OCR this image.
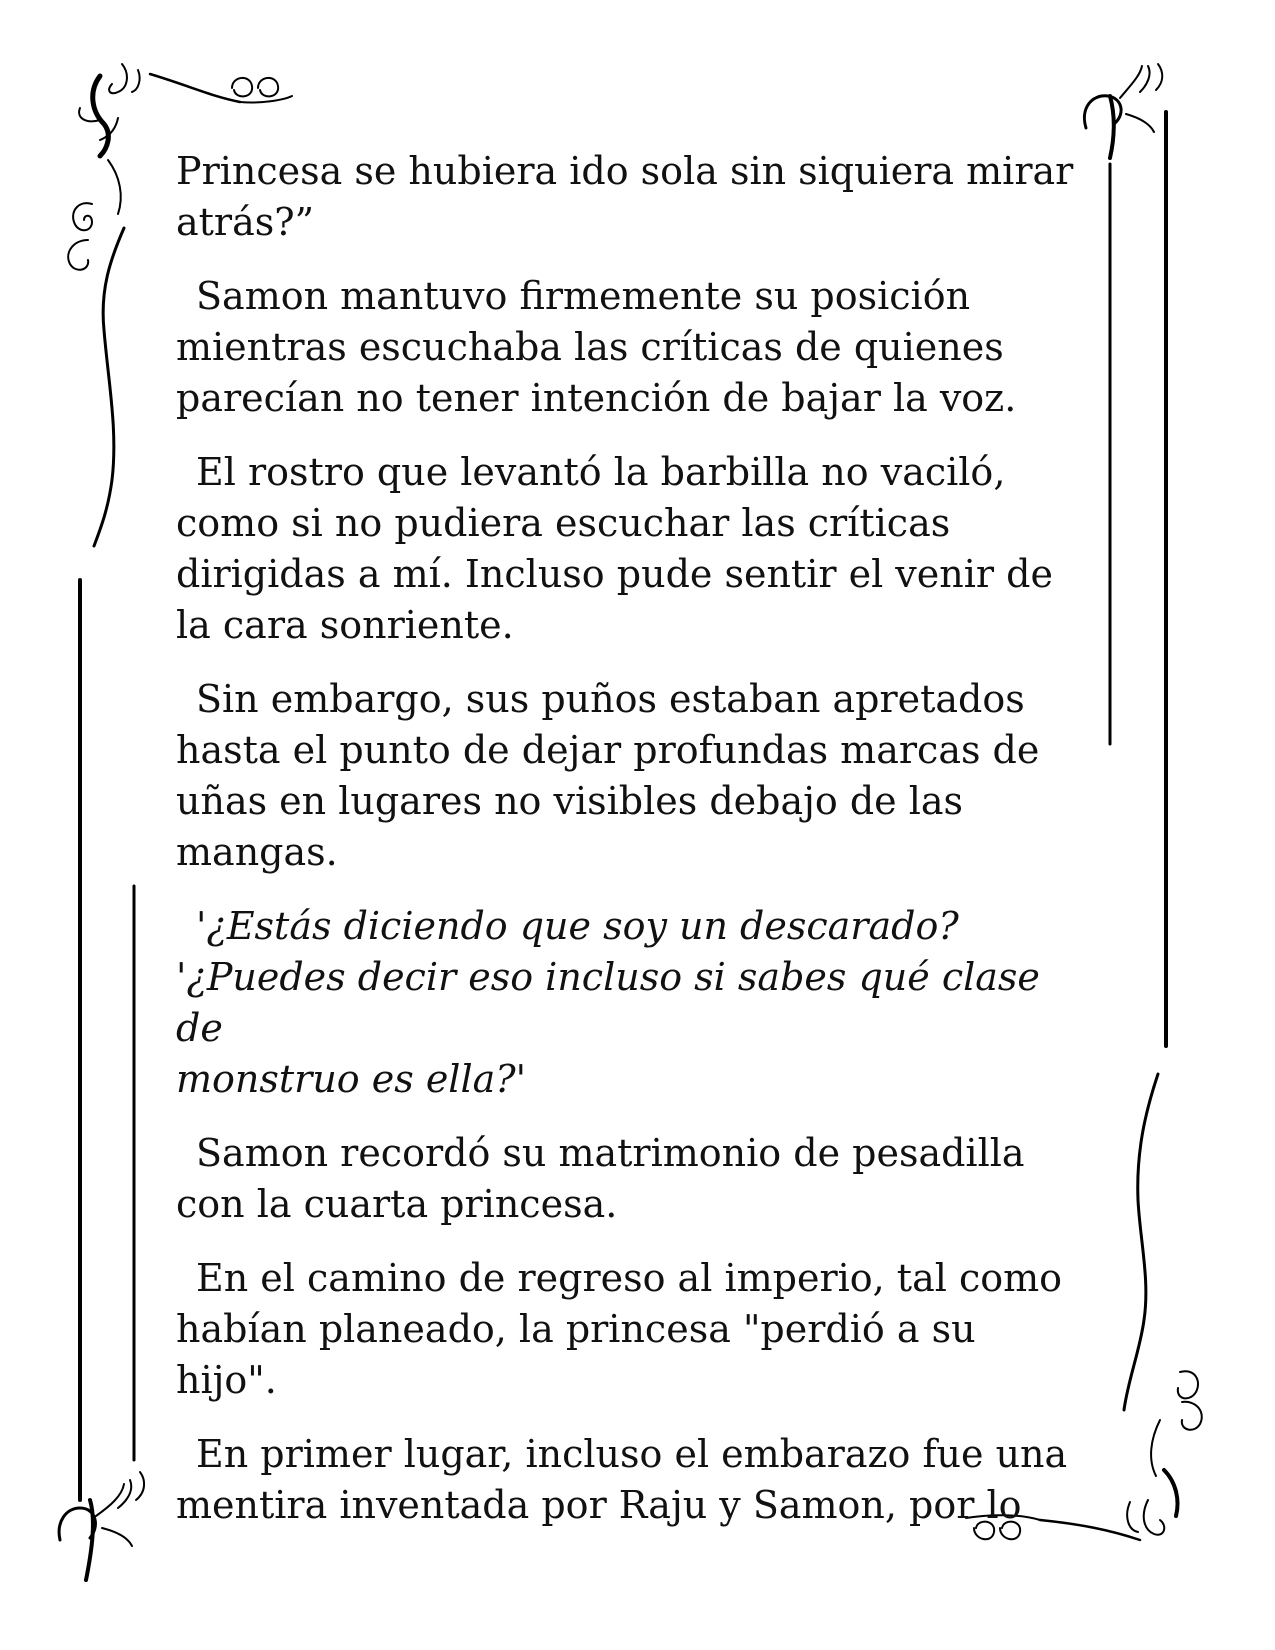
Princesa se hubiera ido sola sin siquiera mirar
atrás?”

Samon mantuvo firmemente su posición
mientras escuchaba las críticas de quienes
parecían no tener intención de bajar la voz.

El rostro que levantó la barbilla no vaciló,
como si no pudiera escuchar las críticas
dirigidas a mí. Incluso pude sentir el venir de
la cara sonriente.

Sin embargo, sus puños estaban apretados
hasta el punto de dejar profundas marcas de
uñas en lugares no visibles debajo de las
mangas.

'¿Estás diciendo que soy un descarado?
'¿Puedes decir eso incluso si sabes qué clase de
monstruo es ella?'

Samon recordó su matrimonio de pesadilla
con la cuarta princesa.

En el camino de regreso al imperio, tal como
habían planeado, la princesa "perdió a su
hijo".

En primer lugar, incluso el embarazo fue una
mentira inventada por Raju y Samon, por lo
